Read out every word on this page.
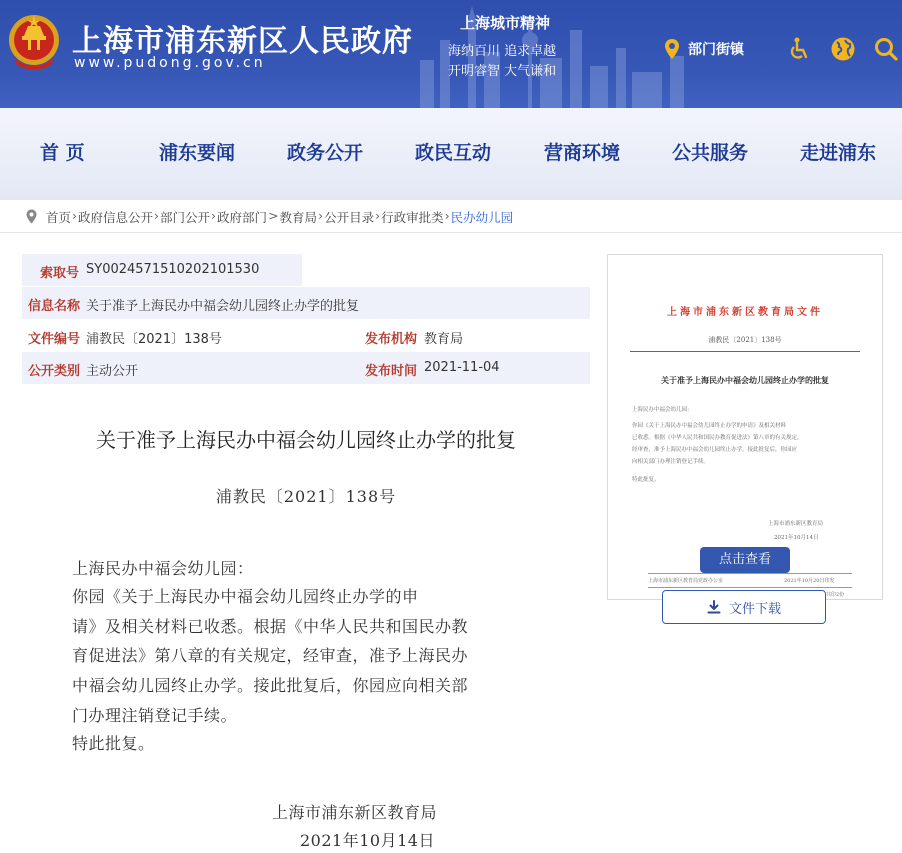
上海市浦东新区人民政府
www.pudong.gov.cn
上海城市精神
海纳百川 追求卓越
开明睿智 大气谦和
部门街镇
首 页	浦东要闻	政务公开	政民互动	营商环境	公共服务	走进浦东
首页 › 政府信息公开 › 部门公开 › 政府部门 > 教育局 › 公开目录 › 行政审批类 › 民办幼儿园
索取号 SY0024571510202101530
信息名称 关于准予上海民办中福会幼儿园终止办学的批复
文件编号 浦教民〔2021〕138号	发布机构 教育局
公开类别 主动公开	发布时间 2021-11-04
关于准予上海民办中福会幼儿园终止办学的批复
浦教民〔2021〕138号
上海民办中福会幼儿园：
你园《关于上海民办中福会幼儿园终止办学的申
请》及相关材料已收悉。根据《中华人民共和国民办教
育促进法》第八章的有关规定，经审查，准予上海民办
中福会幼儿园终止办学。接此批复后，你园应向相关部
门办理注销登记手续。
特此批复。
上海市浦东新区教育局
2021年10月14日
上海市浦东新区教育局文件
浦教民〔2021〕138号
关于准予上海民办中福会幼儿园终止办学的批复
上海民办中福会幼儿园：
你园《关于上海民办中福会幼儿园终止办学的申请》及相关材料
已收悉。根据《中华人民共和国民办教育促进法》第八章的有关规定，
经审查，准予上海民办中福会幼儿园终止办学。接此批复后，你园应
向相关部门办理注销登记手续。
特此批复。
上海市浦东新区教育局
2021年10月14日
上海市浦东新区教育局党政办公室	2021年10月20日印发
共印2份
点击查看
文件下载
